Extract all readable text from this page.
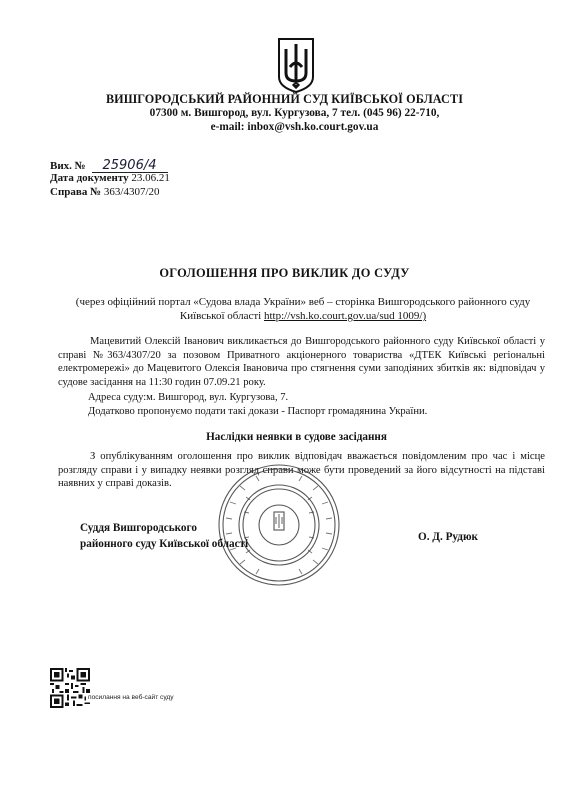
ВИШГОРОДСЬКИЙ РАЙОННИЙ СУД КИЇВСЬКОЇ ОБЛАСТІ
07300 м. Вишгород, вул. Кургузова, 7 тел. (045 96) 22-710,
e-mail: inbox@vsh.ko.court.gov.ua
Вих. № 25906/4
Дата документу 23.06.21
Справа № 363/4307/20
ОГОЛОШЕННЯ ПРО ВИКЛИК ДО СУДУ
(через офіційний портал «Судова влада України» веб – сторінка Вишгородського районного суду Київської області http://vsh.ko.court.gov.ua/sud 1009/)
Мацевитий Олексій Іванович викликається до Вишгородського районного суду Київської області у справі №363/4307/20 за позовом Приватного акціонерного товариства «ДТЕК Київські регіональні електромережі» до Мацевитого Олексія Івановича про стягнення суми заподіяних збитків як: відповідач у судове засідання на 11:30 годин 07.09.21 року.
Адреса суду:м. Вишгород, вул. Кургузова, 7.
Додатково пропонуємо подати такі докази - Паспорт громадянина України.
Наслідки неявки в судове засідання
З опублікуванням оголошення про виклик відповідач вважається повідомленим про час і місце розгляду справи і у випадку неявки розгляд справи може бути проведений за його відсутності на підставі наявних у справі доказів.
Суддя Вишгородського
районного суду Київської області
О. Д. Рудюк
посилання на веб-сайт суду
